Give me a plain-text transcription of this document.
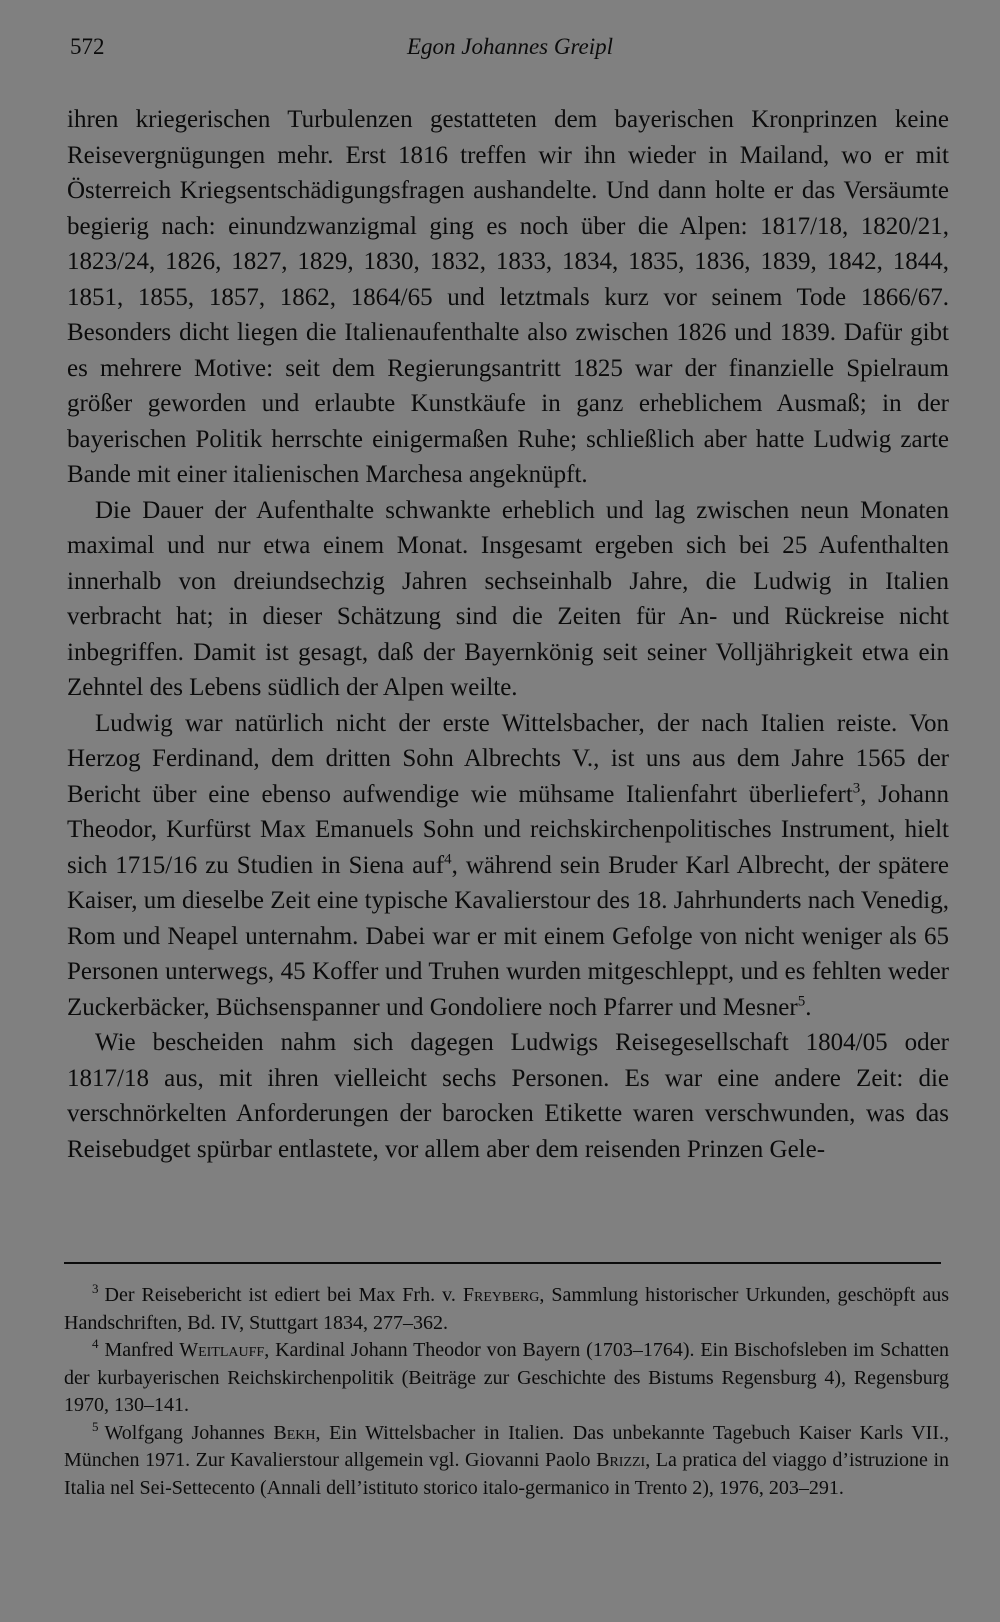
572	Egon Johannes Greipl

ihren kriegerischen Turbulenzen gestatteten dem bayerischen Kronprinzen keine Reisevergnügungen mehr. Erst 1816 treffen wir ihn wieder in Mailand, wo er mit Österreich Kriegsentschädigungsfragen aushandelte. Und dann holte er das Versäumte begierig nach: einundzwanzigmal ging es noch über die Alpen: 1817/18, 1820/21, 1823/24, 1826, 1827, 1829, 1830, 1832, 1833, 1834, 1835, 1836, 1839, 1842, 1844, 1851, 1855, 1857, 1862, 1864/65 und letztmals kurz vor seinem Tode 1866/67. Besonders dicht liegen die Italienaufenthalte also zwischen 1826 und 1839. Dafür gibt es mehrere Motive: seit dem Regierungsantritt 1825 war der finanzielle Spielraum größer geworden und erlaubte Kunstkäufe in ganz erheblichem Ausmaß; in der bayerischen Politik herrschte einigermaßen Ruhe; schließlich aber hatte Ludwig zarte Bande mit einer italienischen Marchesa angeknüpft.

Die Dauer der Aufenthalte schwankte erheblich und lag zwischen neun Monaten maximal und nur etwa einem Monat. Insgesamt ergeben sich bei 25 Aufenthalten innerhalb von dreiundsechzig Jahren sechseinhalb Jahre, die Ludwig in Italien verbracht hat; in dieser Schätzung sind die Zeiten für An- und Rückreise nicht inbegriffen. Damit ist gesagt, daß der Bayernkönig seit seiner Volljährigkeit etwa ein Zehntel des Lebens südlich der Alpen weilte.

Ludwig war natürlich nicht der erste Wittelsbacher, der nach Italien reiste. Von Herzog Ferdinand, dem dritten Sohn Albrechts V., ist uns aus dem Jahre 1565 der Bericht über eine ebenso aufwendige wie mühsame Italienfahrt überliefert$^3$, Johann Theodor, Kurfürst Max Emanuels Sohn und reichskirchenpolitisches Instrument, hielt sich 1715/16 zu Studien in Siena auf$^4$, während sein Bruder Karl Albrecht, der spätere Kaiser, um dieselbe Zeit eine typische Kavalierstour des 18. Jahrhunderts nach Venedig, Rom und Neapel unternahm. Dabei war er mit einem Gefolge von nicht weniger als 65 Personen unterwegs, 45 Koffer und Truhen wurden mitgeschleppt, und es fehlten weder Zuckerbäcker, Büchsenspanner und Gondoliere noch Pfarrer und Mesner$^5$.

Wie bescheiden nahm sich dagegen Ludwigs Reisegesellschaft 1804/05 oder 1817/18 aus, mit ihren vielleicht sechs Personen. Es war eine andere Zeit: die verschnörkelten Anforderungen der barocken Etikette waren verschwunden, was das Reisebudget spürbar entlastete, vor allem aber dem reisenden Prinzen Gele-

$^3$ Der Reisebericht ist ediert bei Max Frh. v. Freyberg, Sammlung historischer Urkunden, geschöpft aus Handschriften, Bd. IV, Stuttgart 1834, 277–362.

$^4$ Manfred Weitlauff, Kardinal Johann Theodor von Bayern (1703–1764). Ein Bischofsleben im Schatten der kurbayerischen Reichskirchenpolitik (Beiträge zur Geschichte des Bistums Regensburg 4), Regensburg 1970, 130–141.

$^5$ Wolfgang Johannes Bekh, Ein Wittelsbacher in Italien. Das unbekannte Tagebuch Kaiser Karls VII., München 1971. Zur Kavalierstour allgemein vgl. Giovanni Paolo Brizzi, La pratica del viaggo d’istruzione in Italia nel Sei-Settecento (Annali dell’istituto storico italo-germanico in Trento 2), 1976, 203–291.
